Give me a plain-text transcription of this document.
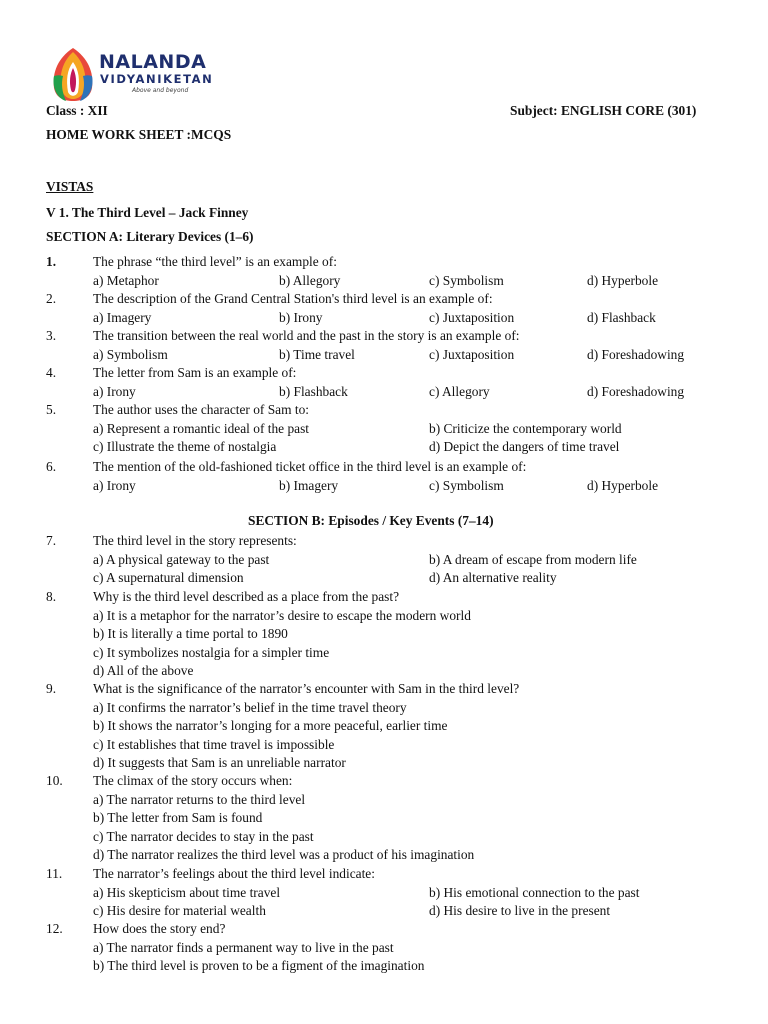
NALANDA
VIDYANIKETAN
Above and beyond
Class : XII	Subject: ENGLISH CORE (301)
HOME WORK SHEET :MCQS
VISTAS
V 1. The Third Level – Jack Finney
SECTION A: Literary Devices (1–6)
SECTION B: Episodes / Key Events (7–14)
1.	The phrase “the third level” is an example of:
a) Metaphor	b) Allegory	c) Symbolism	d) Hyperbole
2.	The description of the Grand Central Station's third level is an example of:
a) Imagery	b) Irony	c) Juxtaposition	d) Flashback
3.	The transition between the real world and the past in the story is an example of:
a) Symbolism	b) Time travel	c) Juxtaposition	d) Foreshadowing
4.	The letter from Sam is an example of:
a) Irony	b) Flashback	c) Allegory	d) Foreshadowing
5.	The author uses the character of Sam to:
a) Represent a romantic ideal of the past	b) Criticize the contemporary world
c) Illustrate the theme of nostalgia	d) Depict the dangers of time travel
6.	The mention of the old-fashioned ticket office in the third level is an example of:
a) Irony	b) Imagery	c) Symbolism	d) Hyperbole
7.	The third level in the story represents:
a) A physical gateway to the past	b) A dream of escape from modern life
c) A supernatural dimension	d) An alternative reality
8.	Why is the third level described as a place from the past?
a) It is a metaphor for the narrator’s desire to escape the modern world
b) It is literally a time portal to 1890
c) It symbolizes nostalgia for a simpler time
d) All of the above
9.	What is the significance of the narrator’s encounter with Sam in the third level?
a) It confirms the narrator’s belief in the time travel theory
b) It shows the narrator’s longing for a more peaceful, earlier time
c) It establishes that time travel is impossible
d) It suggests that Sam is an unreliable narrator
10. The climax of the story occurs when:
a) The narrator returns to the third level
b) The letter from Sam is found
c) The narrator decides to stay in the past
d) The narrator realizes the third level was a product of his imagination
11. The narrator’s feelings about the third level indicate:
a) His skepticism about time travel	b) His emotional connection to the past
c) His desire for material wealth	d) His desire to live in the present
12. How does the story end?
a) The narrator finds a permanent way to live in the past
b) The third level is proven to be a figment of the imagination
